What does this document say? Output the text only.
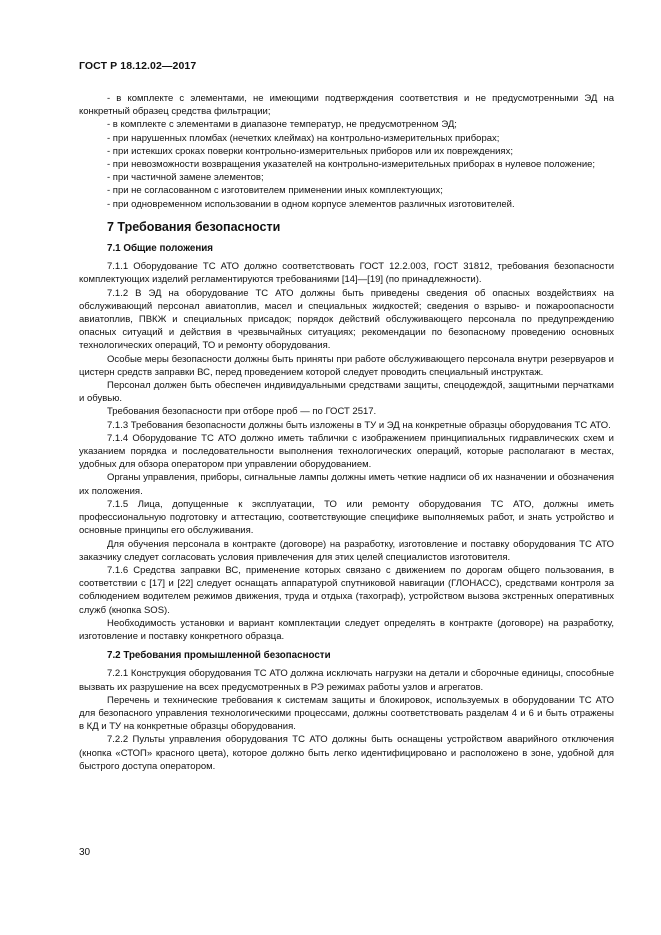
ГОСТ Р 18.12.02—2017

- в комплекте с элементами, не имеющими подтверждения соответствия и не предусмотренными ЭД на конкретный образец средства фильтрации;

- в комплекте с элементами в диапазоне температур, не предусмотренном ЭД;

- при нарушенных пломбах (нечетких клеймах) на контрольно-измерительных приборах;

- при истекших сроках поверки контрольно-измерительных приборов или их повреждениях;

- при невозможности возвращения указателей на контрольно-измерительных приборах в нулевое положение;

- при частичной замене элементов;

- при не согласованном с изготовителем применении иных комплектующих;

- при одновременном использовании в одном корпусе элементов различных изготовителей.

7 Требования безопасности
7.1 Общие положения

7.1.1 Оборудование ТС АТО должно соответствовать ГОСТ 12.2.003, ГОСТ 31812, требования безопасности комплектующих изделий регламентируются требованиями [14]—[19] (по принадлежности).

7.1.2 В ЭД на оборудование ТС АТО должны быть приведены сведения об опасных воздействиях на обслуживающий персонал авиатоплив, масел и специальных жидкостей; сведения о взрыво- и пожароопасности авиатоплив, ПВКЖ и специальных присадок; порядок действий обслуживающего персонала по предупреждению опасных ситуаций и действия в чрезвычайных ситуациях; рекомендации по безопасному проведению основных технологических операций, ТО и ремонту оборудования.

Особые меры безопасности должны быть приняты при работе обслуживающего персонала внутри резервуаров и цистерн средств заправки ВС, перед проведением которой следует проводить специальный инструктаж.

Персонал должен быть обеспечен индивидуальными средствами защиты, спецодеждой, защитными перчатками и обувью.

Требования безопасности при отборе проб — по ГОСТ 2517.

7.1.3 Требования безопасности должны быть изложены в ТУ и ЭД на конкретные образцы оборудования ТС АТО.

7.1.4 Оборудование ТС АТО должно иметь таблички с изображением принципиальных гидравлических схем и указанием порядка и последовательности выполнения технологических операций, которые располагают в местах, удобных для обзора оператором при управлении оборудованием.

Органы управления, приборы, сигнальные лампы должны иметь четкие надписи об их назначении и обозначения их положения.

7.1.5 Лица, допущенные к эксплуатации, ТО или ремонту оборудования ТС АТО, должны иметь профессиональную подготовку и аттестацию, соответствующие специфике выполняемых работ, и знать устройство и основные принципы его обслуживания.

Для обучения персонала в контракте (договоре) на разработку, изготовление и поставку оборудования ТС АТО заказчику следует согласовать условия привлечения для этих целей специалистов изготовителя.

7.1.6 Средства заправки ВС, применение которых связано с движением по дорогам общего пользования, в соответствии с [17] и [22] следует оснащать аппаратурой спутниковой навигации (ГЛОНАСС), средствами контроля за соблюдением водителем режимов движения, труда и отдыха (тахограф), устройством вызова экстренных оперативных служб (кнопка SOS).

Необходимость установки и вариант комплектации следует определять в контракте (договоре) на разработку, изготовление и поставку конкретного образца.

7.2 Требования промышленной безопасности

7.2.1 Конструкция оборудования ТС АТО должна исключать нагрузки на детали и сборочные единицы, способные вызвать их разрушение на всех предусмотренных в РЭ режимах работы узлов и агрегатов.

Перечень и технические требования к системам защиты и блокировок, используемых в оборудовании ТС АТО для безопасного управления технологическими процессами, должны соответствовать разделам 4 и 6 и быть отражены в КД и ТУ на конкретные образцы оборудования.

7.2.2 Пульты управления оборудования ТС АТО должны быть оснащены устройством аварийного отключения (кнопка «СТОП» красного цвета), которое должно быть легко идентифицировано и расположено в зоне, удобной для быстрого доступа оператором.

30
